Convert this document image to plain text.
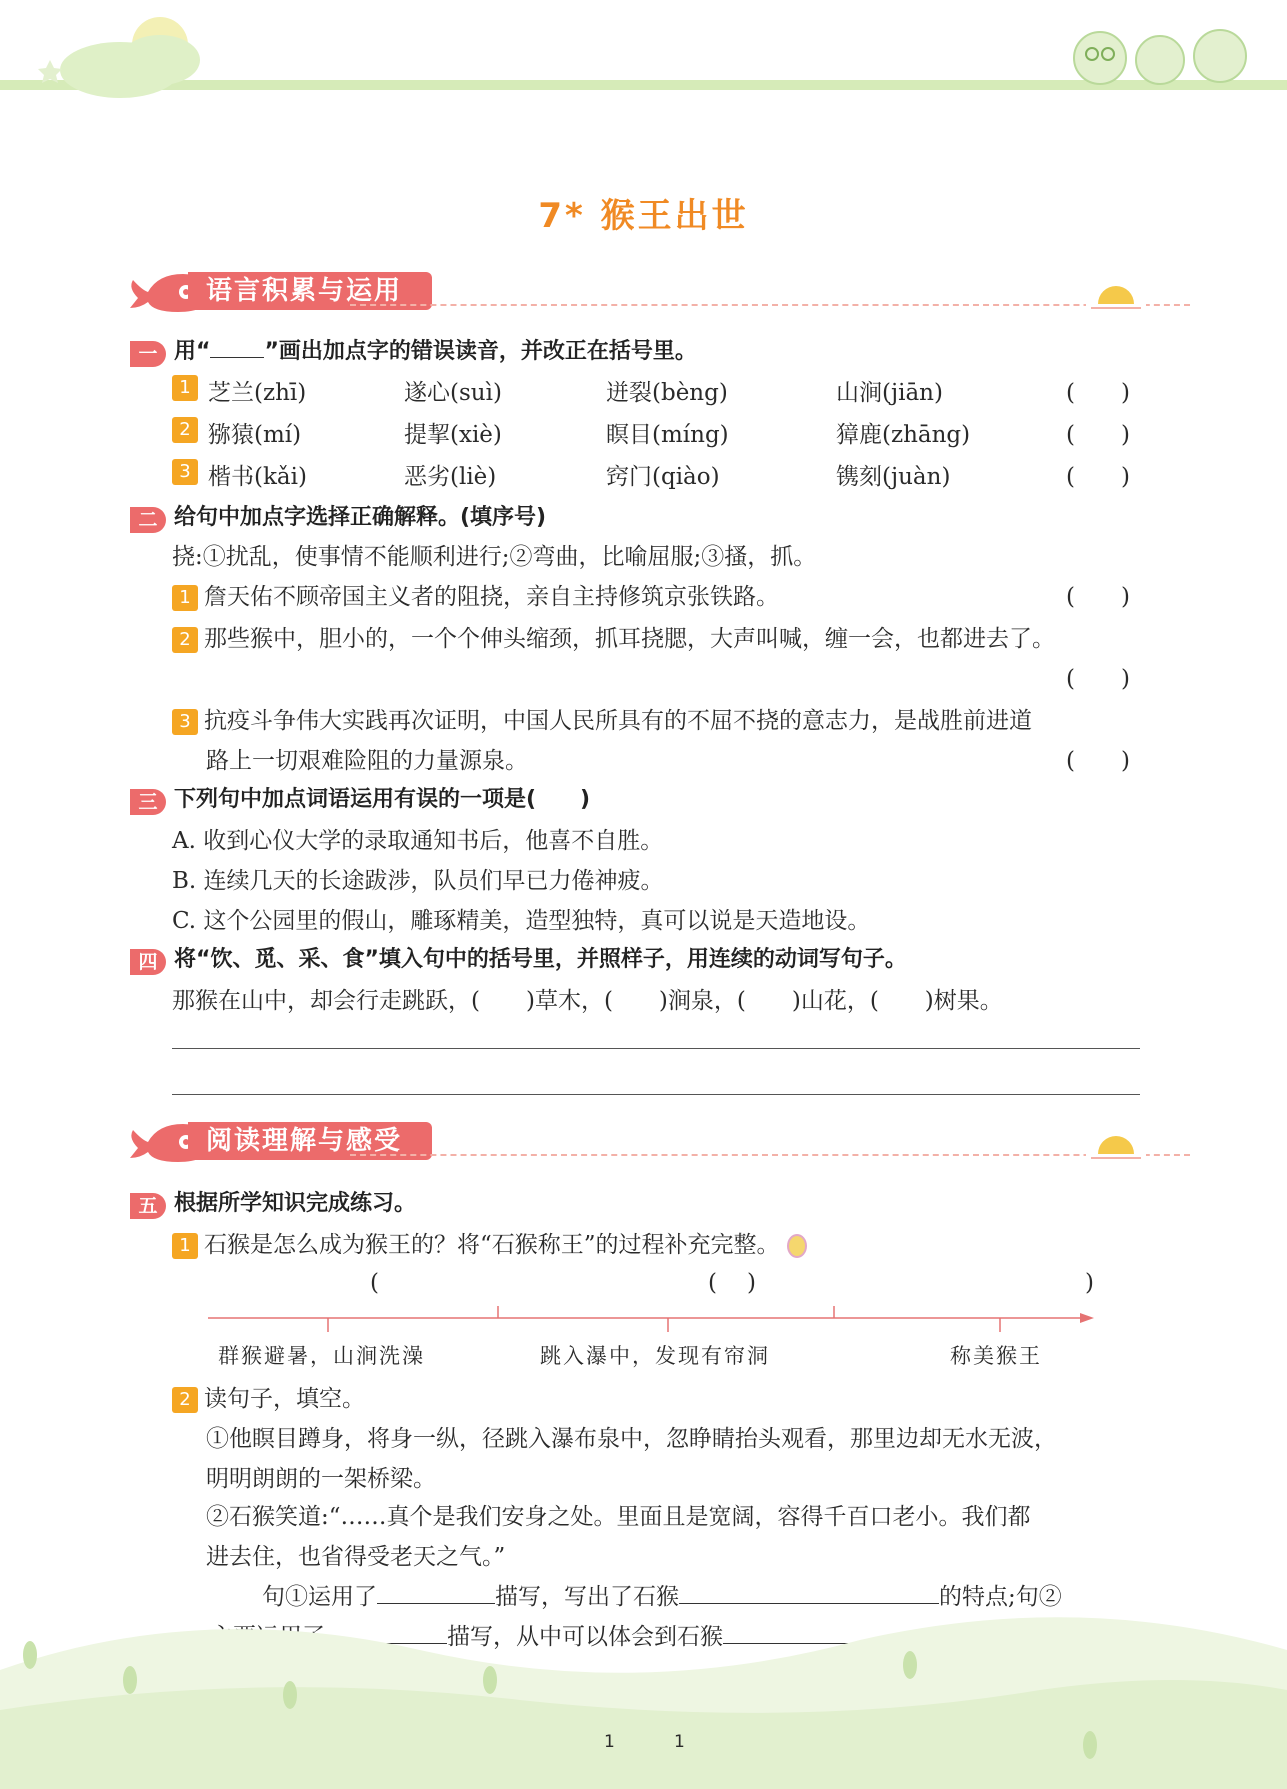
7* 猴王出世
语言积累与运用
一 用“ ”画出加点字的错误读音，并改正在括号里。
1 芝兰(zhī)	遂心(suì)	迸裂(bèng)	山涧(jiān)	(　　)
2 猕猿(mí)	提挈(xiè)	瞑目(míng)	獐鹿(zhāng)	(　　)
3 楷书(kǎi)	恶劣(liè)	窍门(qiào)	镌刻(juàn)	(　　)
二 给句中加点字选择正确解释。(填序号)
挠:①扰乱，使事情不能顺利进行;②弯曲，比喻屈服;③搔，抓。
1 詹天佑不顾帝国主义者的阻挠，亲自主持修筑京张铁路。	(　　)
2 那些猴中，胆小的，一个个伸头缩颈，抓耳挠腮，大声叫喊，缠一会，也都进去了。
(　　)
3 抗疫斗争伟大实践再次证明，中国人民所具有的不屈不挠的意志力，是战胜前进道
路上一切艰难险阻的力量源泉。	(　　)
三 下列句中加点词语运用有误的一项是(　　)
A. 收到心仪大学的录取通知书后，他喜不自胜。
B. 连续几天的长途跋涉，队员们早已力倦神疲。
C. 这个公园里的假山，雕琢精美，造型独特，真可以说是天造地设。
四 将“饮、觅、采、食”填入句中的括号里，并照样子，用连续的动词写句子。
那猴在山中，却会行走跳跃，(　　)草木，(　　)涧泉，(　　)山花，(　　)树果。
阅读理解与感受
五 根据所学知识完成练习。
1 石猴是怎么成为猴王的？将“石猴称王”的过程补充完整。
(　　　　　　　　　　　　　　　　)
(　　　　　　　　　　　　　　　　)
群猴避暑，山涧洗澡	跳入瀑中，发现有帘洞	称美猴王
2 读句子，填空。
①他瞑目蹲身，将身一纵，径跳入瀑布泉中，忽睁睛抬头观看，那里边却无水无波，
明明朗朗的一架桥梁。
②石猴笑道:“……真个是我们安身之处。里面且是宽阔，容得千百口老小。我们都
进去住，也省得受老天之气。”
句①运用了	描写，写出了石猴	的特点;句②
描写，从中可以体会到石猴
1	1
